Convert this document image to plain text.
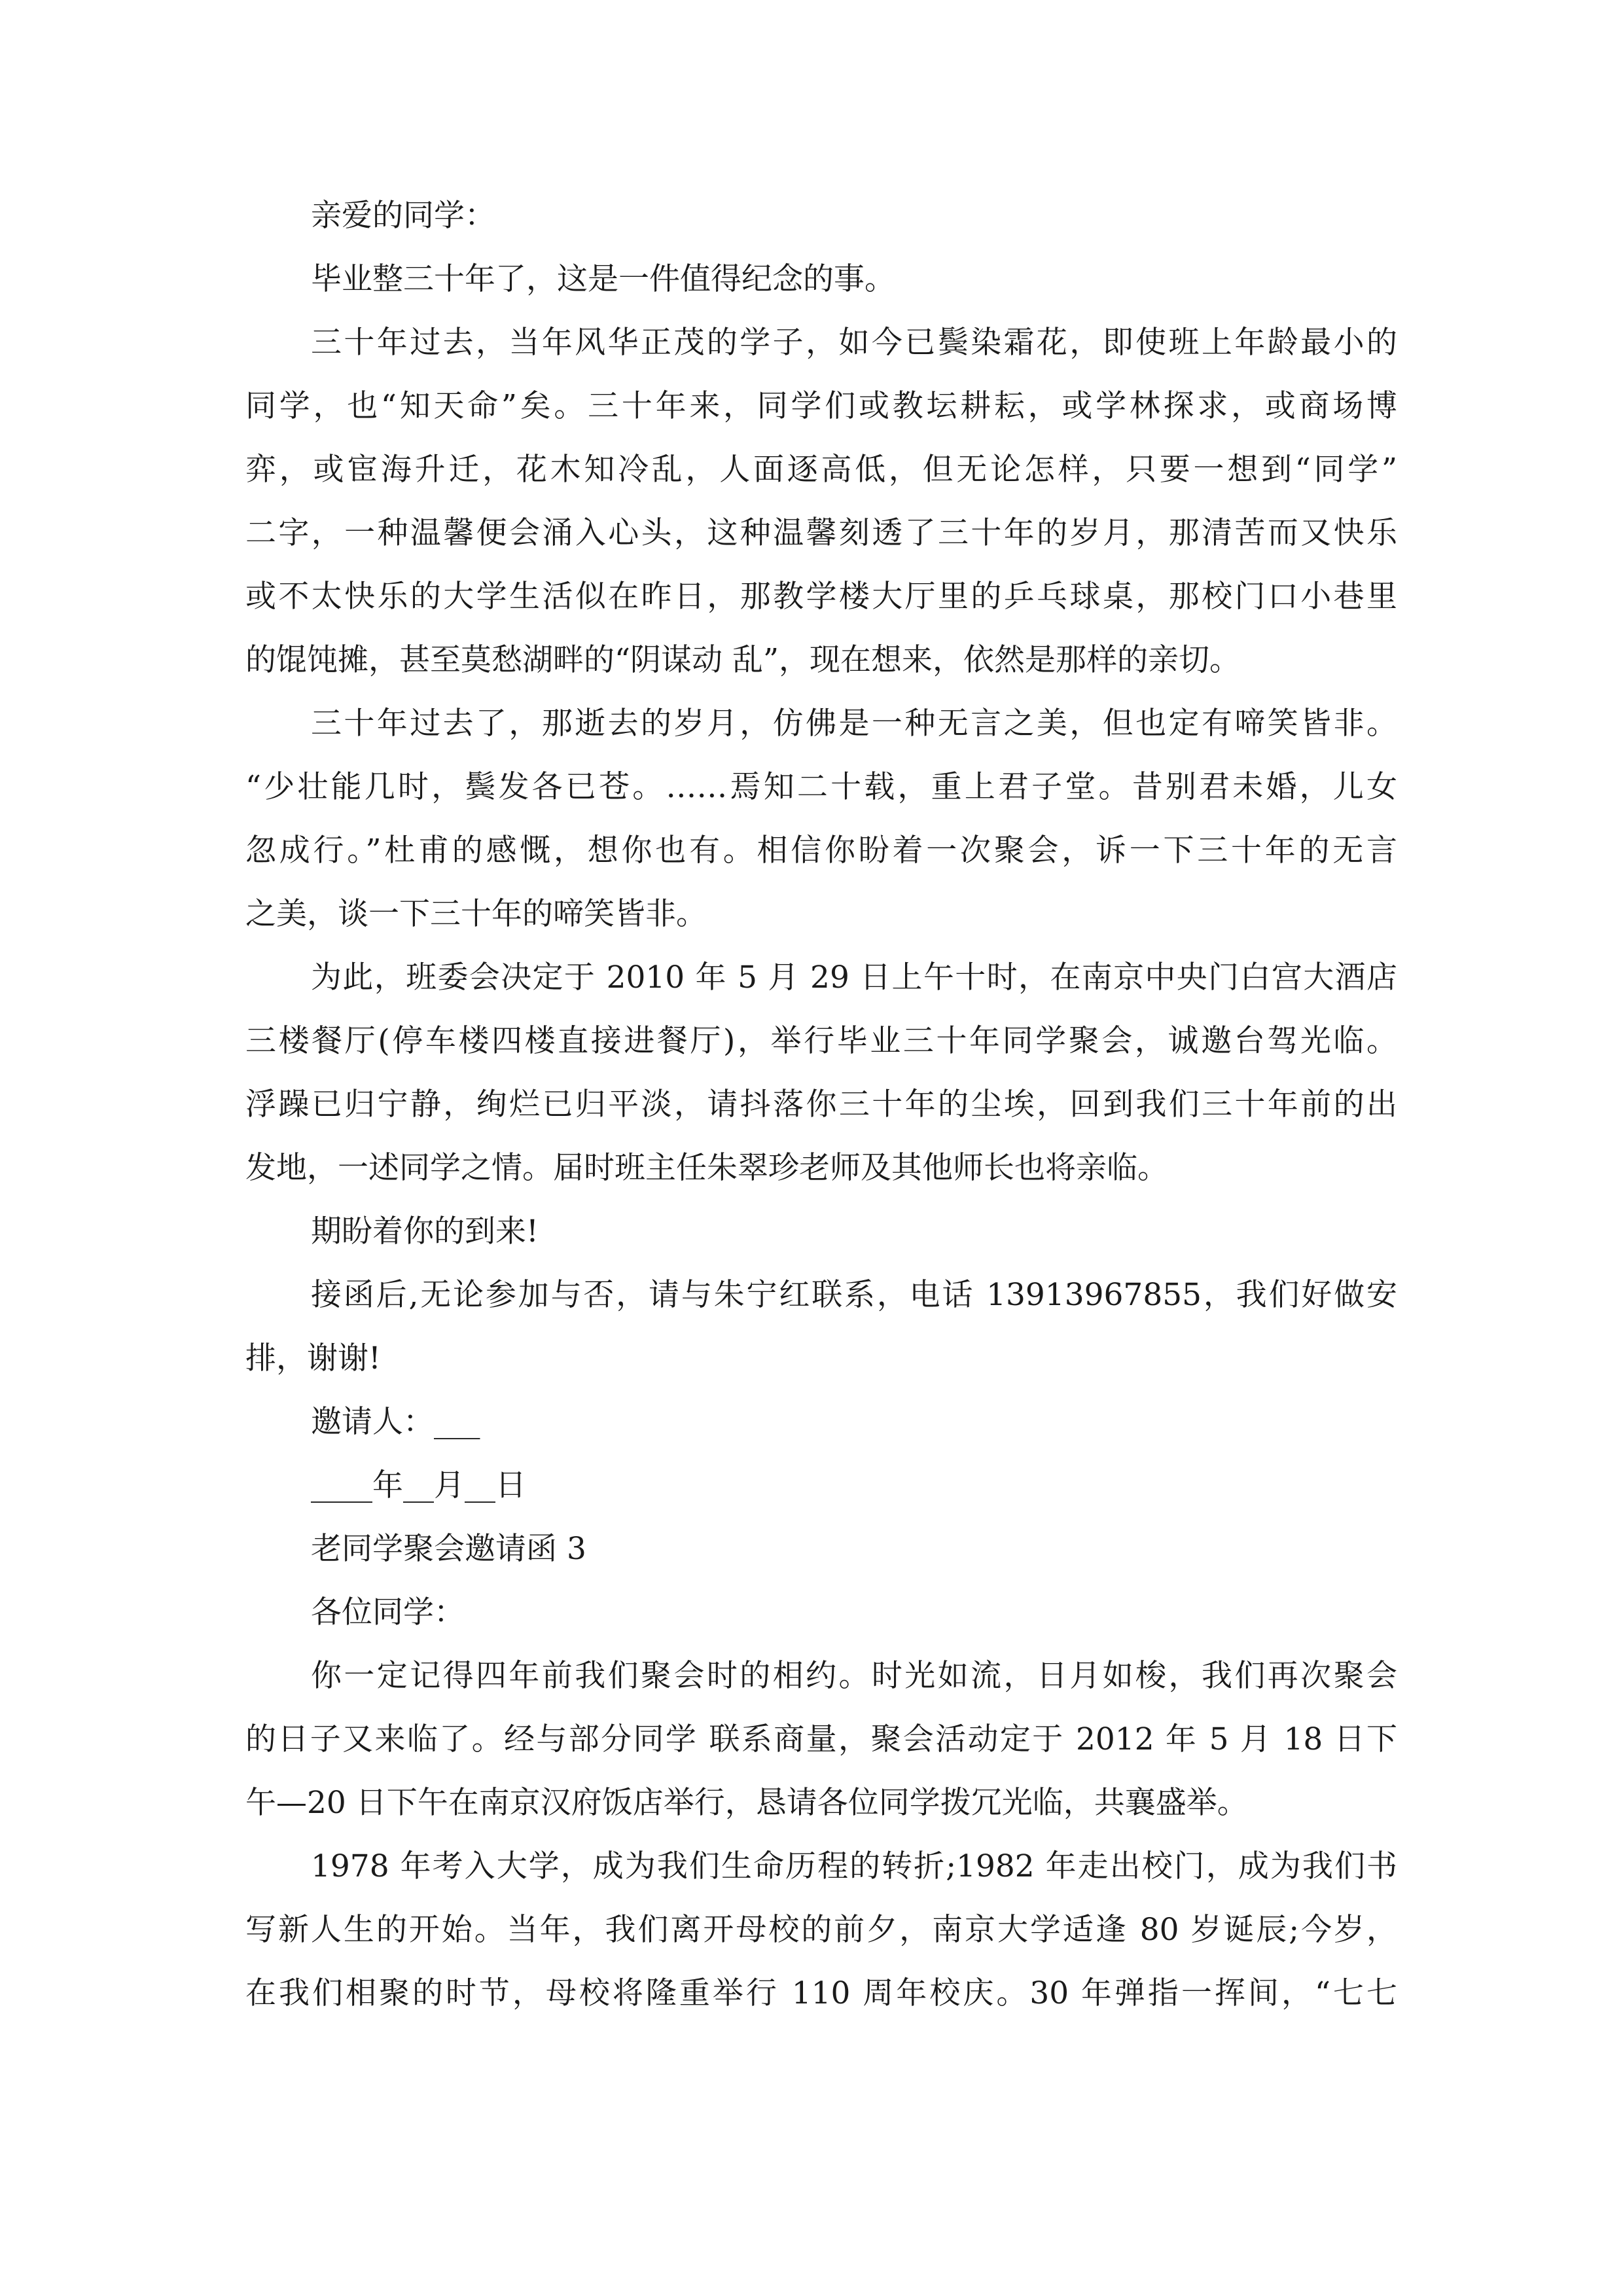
亲爱的同学：
毕业整三十年了，这是一件值得纪念的事。
三十年过去，当年风华正茂的学子，如今已鬓染霜花，即使班上年龄最小的
同学，也“知天命”矣。三十年来，同学们或教坛耕耘，或学林探求，或商场博
弈，或宦海升迁，花木知冷乱，人面逐高低，但无论怎样，只要一想到“同学”
二字，一种温馨便会涌入心头，这种温馨刻透了三十年的岁月，那清苦而又快乐
或不太快乐的大学生活似在昨日，那教学楼大厅里的乒乓球桌，那校门口小巷里
的馄饨摊，甚至莫愁湖畔的“阴谋动 乱”，现在想来，依然是那样的亲切。
三十年过去了，那逝去的岁月，仿佛是一种无言之美，但也定有啼笑皆非。
“少壮能几时，鬓发各已苍。……焉知二十载，重上君子堂。昔别君未婚，儿女
忽成行。”杜甫的感慨，想你也有。相信你盼着一次聚会，诉一下三十年的无言
之美，谈一下三十年的啼笑皆非。
为此，班委会决定于 2010 年 5 月 29 日上午十时，在南京中央门白宫大酒店
三楼餐厅(停车楼四楼直接进餐厅)，举行毕业三十年同学聚会，诚邀台驾光临。
浮躁已归宁静，绚烂已归平淡，请抖落你三十年的尘埃，回到我们三十年前的出
发地，一述同学之情。届时班主任朱翠珍老师及其他师长也将亲临。
期盼着你的到来!
接函后,无论参加与否，请与朱宁红联系，电话 13913967855，我们好做安
排，谢谢!
邀请人：___
____年__月__日
老同学聚会邀请函 3
各位同学：
你一定记得四年前我们聚会时的相约。时光如流，日月如梭，我们再次聚会
的日子又来临了。经与部分同学 联系商量，聚会活动定于 2012 年 5 月 18 日下
午—20 日下午在南京汉府饭店举行，恳请各位同学拨冗光临，共襄盛举。
1978 年考入大学，成为我们生命历程的转折;1982 年走出校门，成为我们书
写新人生的开始。当年，我们离开母校的前夕，南京大学适逢 80 岁诞辰;今岁，
在我们相聚的时节，母校将隆重举行 110 周年校庆。30 年弹指一挥间，“七七
